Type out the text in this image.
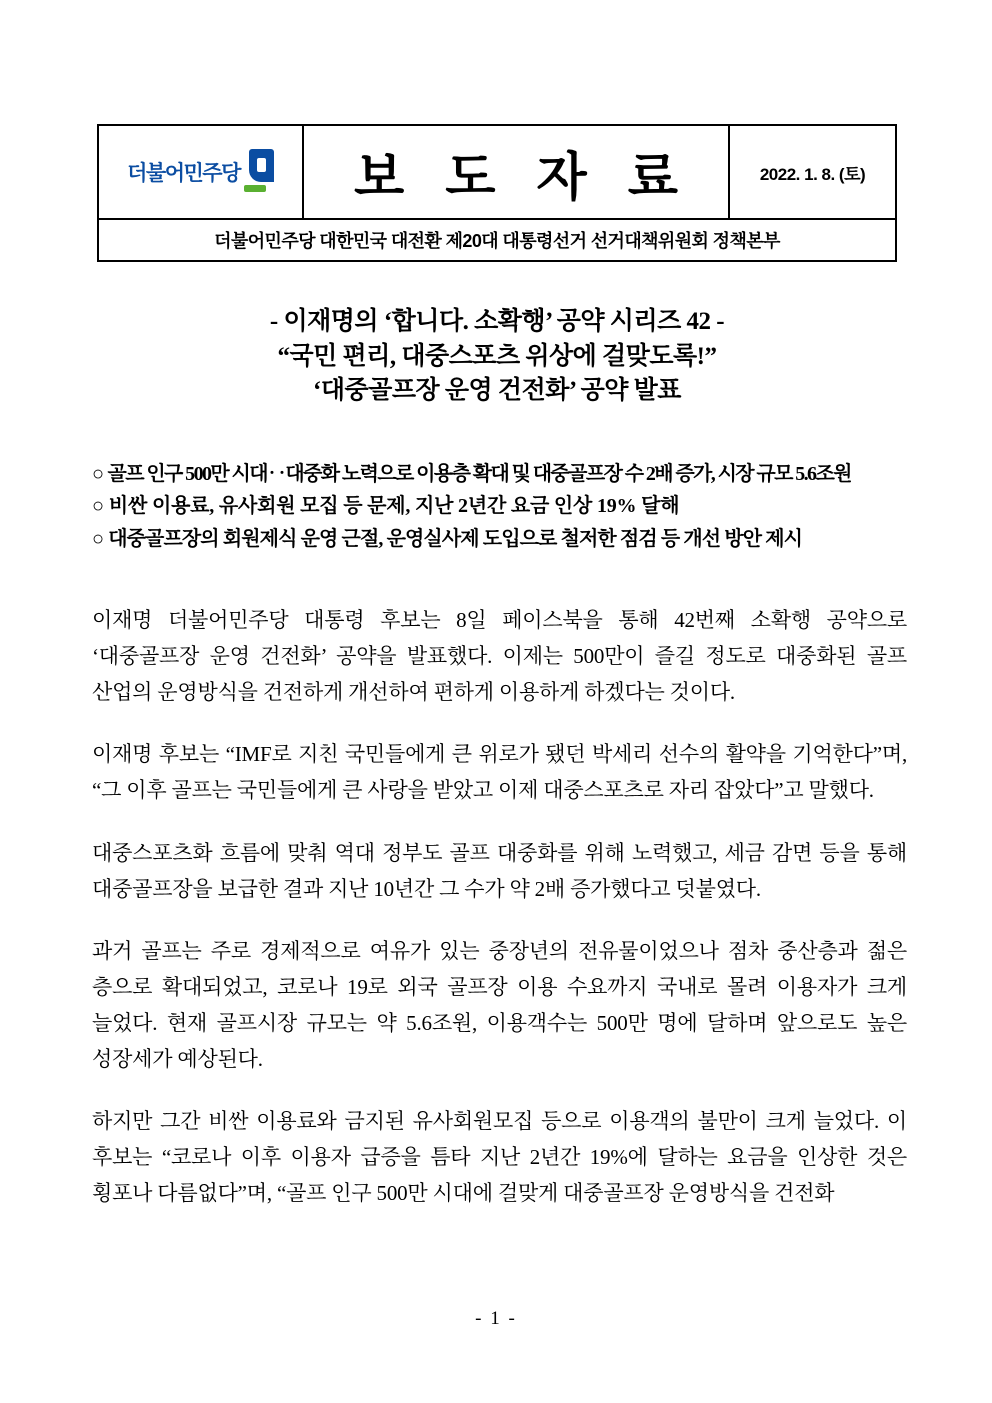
더불어민주당 보 도 자 료	2022. 1. 8. (토)
더불어민주당 대한민국 대전환 제20대 대통령선거 선거대책위원회 정책본부
- 이재명의 ‘합니다. 소확행’ 공약 시리즈 42 -
“국민 편리, 대중스포츠 위상에 걸맞도록!”
‘대중골프장 운영 건전화’ 공약 발표
○ 골프 인구 500만 시대‥대중화 노력으로 이용층 확대 및 대중골프장 수 2배 증가, 시장 규모 5.6조원
○ 비싼 이용료, 유사회원 모집 등 문제, 지난 2년간 요금 인상 19% 달해
○ 대중골프장의 회원제식 운영 근절, 운영실사제 도입으로 철저한 점검 등 개선 방안 제시

이재명 더불어민주당 대통령 후보는 8일 페이스북을 통해 42번째 소확행 공약으로 ‘대중골프장 운영 건전화’ 공약을 발표했다. 이제는 500만이 즐길 정도로 대중화된 골프 산업의 운영방식을 건전하게 개선하여 편하게 이용하게 하겠다는 것이다.

이재명 후보는 “IMF로 지친 국민들에게 큰 위로가 됐던 박세리 선수의 활약을 기억한다”며, “그 이후 골프는 국민들에게 큰 사랑을 받았고 이제 대중스포츠로 자리 잡았다”고 말했다.

대중스포츠화 흐름에 맞춰 역대 정부도 골프 대중화를 위해 노력했고, 세금 감면 등을 통해 대중골프장을 보급한 결과 지난 10년간 그 수가 약 2배 증가했다고 덧붙였다.

과거 골프는 주로 경제적으로 여유가 있는 중장년의 전유물이었으나 점차 중산층과 젊은 층으로 확대되었고, 코로나 19로 외국 골프장 이용 수요까지 국내로 몰려 이용자가 크게 늘었다. 현재 골프시장 규모는 약 5.6조원, 이용객수는 500만 명에 달하며 앞으로도 높은 성장세가 예상된다.

하지만 그간 비싼 이용료와 금지된 유사회원모집 등으로 이용객의 불만이 크게 늘었다. 이 후보는 “코로나 이후 이용자 급증을 틈타 지난 2년간 19%에 달하는 요금을 인상한 것은 횡포나 다름없다”며, “골프 인구 500만 시대에 걸맞게 대중골프장 운영방식을 건전화

- 1 -
